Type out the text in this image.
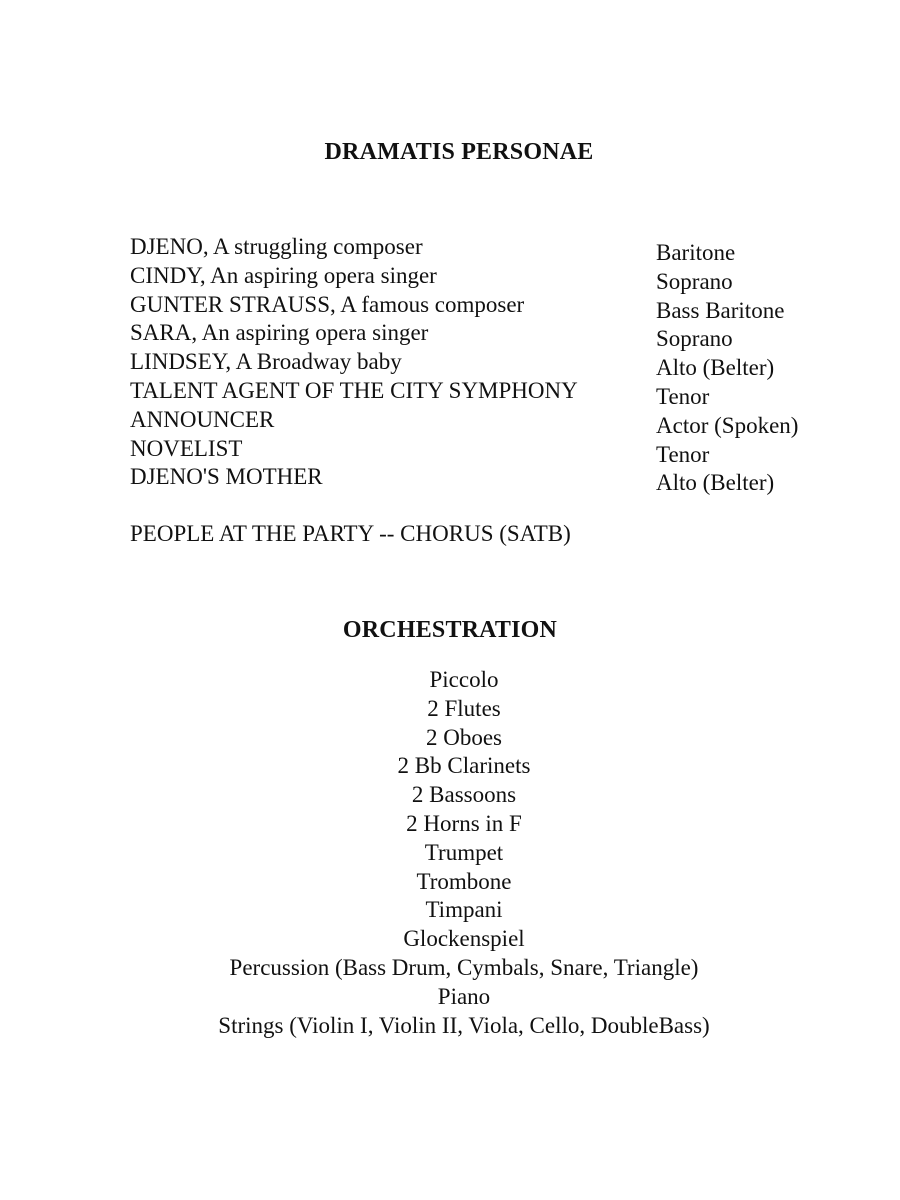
DRAMATIS PERSONAE
DJENO, A struggling composer
CINDY, An aspiring opera singer
GUNTER STRAUSS, A famous composer
SARA, An aspiring opera singer
LINDSEY, A Broadway baby
TALENT AGENT OF THE CITY SYMPHONY
ANNOUNCER
NOVELIST
DJENO'S MOTHER
Baritone
Soprano
Bass Baritone
Soprano
Alto (Belter)
Tenor
Actor (Spoken)
Tenor
Alto (Belter)
PEOPLE AT THE PARTY -- CHORUS (SATB)
ORCHESTRATION
Piccolo
2 Flutes
2 Oboes
2 Bb Clarinets
2 Bassoons
2 Horns in F
Trumpet
Trombone
Timpani
Glockenspiel
Percussion (Bass Drum, Cymbals, Snare, Triangle)
Piano
Strings (Violin I, Violin II, Viola, Cello, DoubleBass)
